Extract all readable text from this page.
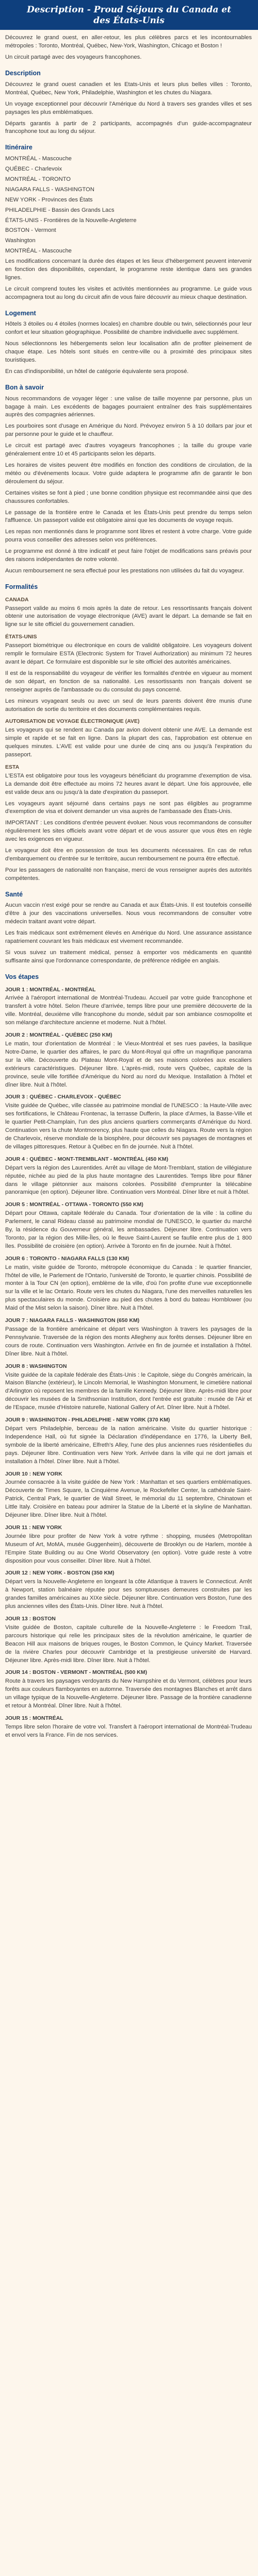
Description - Proud Séjours du Canada et
des États-Unis

Découvrez le grand ouest, en aller-retour, les plus célèbres parcs et les incontournables métropoles : Toronto, Montréal, Québec, New-York, Washington, Chicago et Boston !

Un circuit partagé avec des voyageurs francophones.

Description

Découvrez le grand ouest canadien et les Etats-Unis et leurs plus belles villes : Toronto, Montréal, Québec, New York, Philadelphie, Washington et les chutes du Niagara.

Un voyage exceptionnel pour découvrir l'Amérique du Nord à travers ses grandes villes et ses paysages les plus emblématiques.

Départs garantis à partir de 2 participants, accompagnés d'un guide-accompagnateur francophone tout au long du séjour.

Itinéraire
MONTRÉAL - Mascouche
QUÉBEC - Charlevoix
MONTRÉAL - TORONTO
NIAGARA FALLS - WASHINGTON
NEW YORK - Provinces des États
PHILADELPHIE - Bassin des Grands Lacs
ÉTATS-UNIS - Frontières de la Nouvelle-Angleterre
BOSTON - Vermont
Washington
MONTRÉAL - Mascouche

Les modifications concernant la durée des étapes et les lieux d'hébergement peuvent intervenir en fonction des disponibilités, cependant, le programme reste identique dans ses grandes lignes.

Le circuit comprend toutes les visites et activités mentionnées au programme. Le guide vous accompagnera tout au long du circuit afin de vous faire découvrir au mieux chaque destination.

Logement

Hôtels 3 étoiles ou 4 étoiles (normes locales) en chambre double ou twin, sélectionnés pour leur confort et leur situation géographique. Possibilité de chambre individuelle avec supplément.

Nous sélectionnons les hébergements selon leur localisation afin de profiter pleinement de chaque étape. Les hôtels sont situés en centre-ville ou à proximité des principaux sites touristiques.

En cas d'indisponibilité, un hôtel de catégorie équivalente sera proposé.

Bon à savoir

Nous recommandons de voyager léger : une valise de taille moyenne par personne, plus un bagage à main. Les excédents de bagages pourraient entraîner des frais supplémentaires auprès des compagnies aériennes.

Les pourboires sont d'usage en Amérique du Nord. Prévoyez environ 5 à 10 dollars par jour et par personne pour le guide et le chauffeur.

Le circuit est partagé avec d'autres voyageurs francophones ; la taille du groupe varie généralement entre 10 et 45 participants selon les départs.

Les horaires de visites peuvent être modifiés en fonction des conditions de circulation, de la météo ou d'événements locaux. Votre guide adaptera le programme afin de garantir le bon déroulement du séjour.

Certaines visites se font à pied ; une bonne condition physique est recommandée ainsi que des chaussures confortables.

Le passage de la frontière entre le Canada et les États-Unis peut prendre du temps selon l'affluence. Un passeport valide est obligatoire ainsi que les documents de voyage requis.

Les repas non mentionnés dans le programme sont libres et restent à votre charge. Votre guide pourra vous conseiller des adresses selon vos préférences.

Le programme est donné à titre indicatif et peut faire l'objet de modifications sans préavis pour des raisons indépendantes de notre volonté.

Aucun remboursement ne sera effectué pour les prestations non utilisées du fait du voyageur.

Formalités
CANADA

Passeport valide au moins 6 mois après la date de retour. Les ressortissants français doivent obtenir une autorisation de voyage électronique (AVE) avant le départ. La demande se fait en ligne sur le site officiel du gouvernement canadien.

ÉTATS-UNIS

Passeport biométrique ou électronique en cours de validité obligatoire. Les voyageurs doivent remplir le formulaire ESTA (Electronic System for Travel Authorization) au minimum 72 heures avant le départ. Ce formulaire est disponible sur le site officiel des autorités américaines.

Il est de la responsabilité du voyageur de vérifier les formalités d'entrée en vigueur au moment de son départ, en fonction de sa nationalité. Les ressortissants non français doivent se renseigner auprès de l'ambassade ou du consulat du pays concerné.

Les mineurs voyageant seuls ou avec un seul de leurs parents doivent être munis d'une autorisation de sortie du territoire et des documents complémentaires requis.

AUTORISATION DE VOYAGE ÉLECTRONIQUE (AVE)

Les voyageurs qui se rendent au Canada par avion doivent obtenir une AVE. La demande est simple et rapide et se fait en ligne. Dans la plupart des cas, l'approbation est obtenue en quelques minutes. L'AVE est valide pour une durée de cinq ans ou jusqu'à l'expiration du passeport.

ESTA

L'ESTA est obligatoire pour tous les voyageurs bénéficiant du programme d'exemption de visa. La demande doit être effectuée au moins 72 heures avant le départ. Une fois approuvée, elle est valide deux ans ou jusqu'à la date d'expiration du passeport.

Les voyageurs ayant séjourné dans certains pays ne sont pas éligibles au programme d'exemption de visa et doivent demander un visa auprès de l'ambassade des États-Unis.

IMPORTANT : Les conditions d'entrée peuvent évoluer. Nous vous recommandons de consulter régulièrement les sites officiels avant votre départ et de vous assurer que vous êtes en règle avec les exigences en vigueur.

Le voyageur doit être en possession de tous les documents nécessaires. En cas de refus d'embarquement ou d'entrée sur le territoire, aucun remboursement ne pourra être effectué.

Pour les passagers de nationalité non française, merci de vous renseigner auprès des autorités compétentes.

Santé

Aucun vaccin n'est exigé pour se rendre au Canada et aux États-Unis. Il est toutefois conseillé d'être à jour des vaccinations universelles. Nous vous recommandons de consulter votre médecin traitant avant votre départ.

Les frais médicaux sont extrêmement élevés en Amérique du Nord. Une assurance assistance rapatriement couvrant les frais médicaux est vivement recommandée.

Si vous suivez un traitement médical, pensez à emporter vos médicaments en quantité suffisante ainsi que l'ordonnance correspondante, de préférence rédigée en anglais.

Vos étapes
JOUR 1 : MONTRÉAL - MONTRÉAL

Arrivée à l'aéroport international de Montréal-Trudeau. Accueil par votre guide francophone et transfert à votre hôtel. Selon l'heure d'arrivée, temps libre pour une première découverte de la ville. Montréal, deuxième ville francophone du monde, séduit par son ambiance cosmopolite et son mélange d'architecture ancienne et moderne. Nuit à l'hôtel.

JOUR 2 : MONTRÉAL - QUÉBEC (250 KM)

Le matin, tour d'orientation de Montréal : le Vieux-Montréal et ses rues pavées, la basilique Notre-Dame, le quartier des affaires, le parc du Mont-Royal qui offre un magnifique panorama sur la ville. Découverte du Plateau Mont-Royal et de ses maisons colorées aux escaliers extérieurs caractéristiques. Déjeuner libre. L'après-midi, route vers Québec, capitale de la province, seule ville fortifiée d'Amérique du Nord au nord du Mexique. Installation à l'hôtel et dîner libre. Nuit à l'hôtel.

JOUR 3 : QUÉBEC - CHARLEVOIX - QUÉBEC

Visite guidée de Québec, ville classée au patrimoine mondial de l'UNESCO : la Haute-Ville avec ses fortifications, le Château Frontenac, la terrasse Dufferin, la place d'Armes, la Basse-Ville et le quartier Petit-Champlain, l'un des plus anciens quartiers commerçants d'Amérique du Nord. Continuation vers la chute Montmorency, plus haute que celles du Niagara. Route vers la région de Charlevoix, réserve mondiale de la biosphère, pour découvrir ses paysages de montagnes et de villages pittoresques. Retour à Québec en fin de journée. Nuit à l'hôtel.

JOUR 4 : QUÉBEC - MONT-TREMBLANT - MONTRÉAL (450 KM)

Départ vers la région des Laurentides. Arrêt au village de Mont-Tremblant, station de villégiature réputée, nichée au pied de la plus haute montagne des Laurentides. Temps libre pour flâner dans le village piétonnier aux maisons colorées. Possibilité d'emprunter la télécabine panoramique (en option). Déjeuner libre. Continuation vers Montréal. Dîner libre et nuit à l'hôtel.

JOUR 5 : MONTRÉAL - OTTAWA - TORONTO (550 KM)

Départ pour Ottawa, capitale fédérale du Canada. Tour d'orientation de la ville : la colline du Parlement, le canal Rideau classé au patrimoine mondial de l'UNESCO, le quartier du marché By, la résidence du Gouverneur général, les ambassades. Déjeuner libre. Continuation vers Toronto, par la région des Mille-Îles, où le fleuve Saint-Laurent se faufile entre plus de 1 800 îles. Possibilité de croisière (en option). Arrivée à Toronto en fin de journée. Nuit à l'hôtel.

JOUR 6 : TORONTO - NIAGARA FALLS (130 KM)

Le matin, visite guidée de Toronto, métropole économique du Canada : le quartier financier, l'hôtel de ville, le Parlement de l'Ontario, l'université de Toronto, le quartier chinois. Possibilité de monter à la Tour CN (en option), emblème de la ville, d'où l'on profite d'une vue exceptionnelle sur la ville et le lac Ontario. Route vers les chutes du Niagara, l'une des merveilles naturelles les plus spectaculaires du monde. Croisière au pied des chutes à bord du bateau Hornblower (ou Maid of the Mist selon la saison). Dîner libre. Nuit à l'hôtel.

JOUR 7 : NIAGARA FALLS - WASHINGTON (650 KM)

Passage de la frontière américaine et départ vers Washington à travers les paysages de la Pennsylvanie. Traversée de la région des monts Allegheny aux forêts denses. Déjeuner libre en cours de route. Continuation vers Washington. Arrivée en fin de journée et installation à l'hôtel. Dîner libre. Nuit à l'hôtel.

JOUR 8 : WASHINGTON

Visite guidée de la capitale fédérale des États-Unis : le Capitole, siège du Congrès américain, la Maison Blanche (extérieur), le Lincoln Memorial, le Washington Monument, le cimetière national d'Arlington où reposent les membres de la famille Kennedy. Déjeuner libre. Après-midi libre pour découvrir les musées de la Smithsonian Institution, dont l'entrée est gratuite : musée de l'Air et de l'Espace, musée d'Histoire naturelle, National Gallery of Art. Dîner libre. Nuit à l'hôtel.

JOUR 9 : WASHINGTON - PHILADELPHIE - NEW YORK (370 KM)

Départ vers Philadelphie, berceau de la nation américaine. Visite du quartier historique : Independence Hall, où fut signée la Déclaration d'indépendance en 1776, la Liberty Bell, symbole de la liberté américaine, Elfreth's Alley, l'une des plus anciennes rues résidentielles du pays. Déjeuner libre. Continuation vers New York. Arrivée dans la ville qui ne dort jamais et installation à l'hôtel. Dîner libre. Nuit à l'hôtel.

JOUR 10 : NEW YORK

Journée consacrée à la visite guidée de New York : Manhattan et ses quartiers emblématiques. Découverte de Times Square, la Cinquième Avenue, le Rockefeller Center, la cathédrale Saint-Patrick, Central Park, le quartier de Wall Street, le mémorial du 11 septembre, Chinatown et Little Italy. Croisière en bateau pour admirer la Statue de la Liberté et la skyline de Manhattan. Déjeuner libre. Dîner libre. Nuit à l'hôtel.

JOUR 11 : NEW YORK

Journée libre pour profiter de New York à votre rythme : shopping, musées (Metropolitan Museum of Art, MoMA, musée Guggenheim), découverte de Brooklyn ou de Harlem, montée à l'Empire State Building ou au One World Observatory (en option). Votre guide reste à votre disposition pour vous conseiller. Dîner libre. Nuit à l'hôtel.

JOUR 12 : NEW YORK - BOSTON (350 KM)

Départ vers la Nouvelle-Angleterre en longeant la côte Atlantique à travers le Connecticut. Arrêt à Newport, station balnéaire réputée pour ses somptueuses demeures construites par les grandes familles américaines au XIXe siècle. Déjeuner libre. Continuation vers Boston, l'une des plus anciennes villes des États-Unis. Dîner libre. Nuit à l'hôtel.

JOUR 13 : BOSTON

Visite guidée de Boston, capitale culturelle de la Nouvelle-Angleterre : le Freedom Trail, parcours historique qui relie les principaux sites de la révolution américaine, le quartier de Beacon Hill aux maisons de briques rouges, le Boston Common, le Quincy Market. Traversée de la rivière Charles pour découvrir Cambridge et la prestigieuse université de Harvard. Déjeuner libre. Après-midi libre. Dîner libre. Nuit à l'hôtel.

JOUR 14 : BOSTON - VERMONT - MONTRÉAL (500 KM)

Route à travers les paysages verdoyants du New Hampshire et du Vermont, célèbres pour leurs forêts aux couleurs flamboyantes en automne. Traversée des montagnes Blanches et arrêt dans un village typique de la Nouvelle-Angleterre. Déjeuner libre. Passage de la frontière canadienne et retour à Montréal. Dîner libre. Nuit à l'hôtel.

JOUR 15 : MONTRÉAL

Temps libre selon l'horaire de votre vol. Transfert à l'aéroport international de Montréal-Trudeau et envol vers la France. Fin de nos services.
